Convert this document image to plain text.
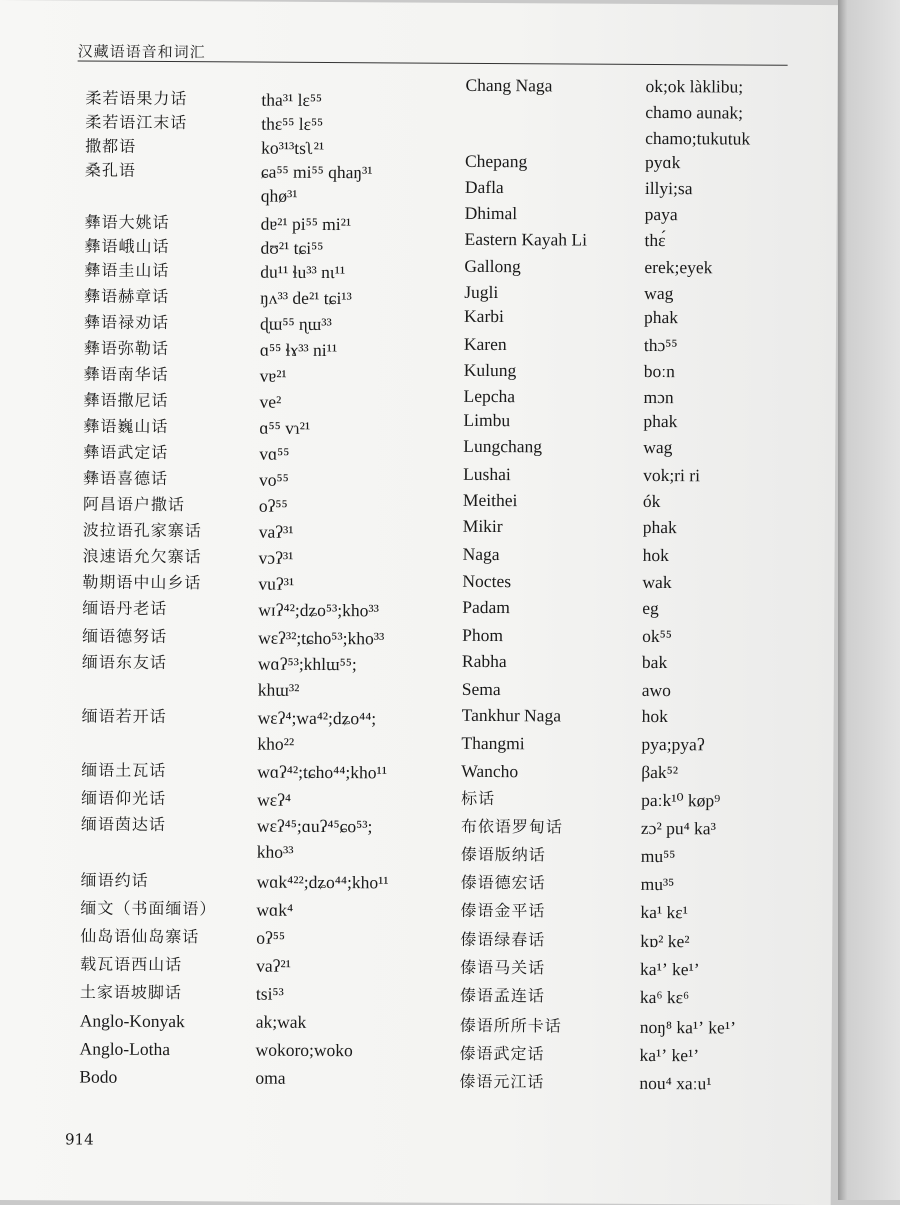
汉藏语语音和词汇
柔若语果力话	tha³¹ lɛ⁵⁵
柔若语江末话	thɛ⁵⁵ lɛ⁵⁵
撒都语	ko³¹³tsʅ²¹
桑孔语	ɕa⁵⁵ mi⁵⁵ qhaŋ³¹
qhø³¹
彝语大姚话	dɐ²¹ pi⁵⁵ mi²¹
彝语峨山话	dʊ²¹ tɕi⁵⁵
彝语圭山话	du¹¹ ɬu³³ nɩ¹¹
彝语赫章话	ŋʌ³³ de²¹ tɕi¹³
彝语禄劝话	ɖɯ⁵⁵ ɳɯ³³
彝语弥勒话	ɑ⁵⁵ ɬɤ³³ ni¹¹
彝语南华话	vɐ²¹
彝语撒尼话	ve²
彝语巍山话	ɑ⁵⁵ vɿ²¹
彝语武定话	vɑ⁵⁵
彝语喜德话	vo⁵⁵
阿昌语户撒话	oʔ⁵⁵
波拉语孔家寨话	vaʔ³¹
浪速语允欠寨话	vɔʔ³¹
勒期语中山乡话	vuʔ³¹
缅语丹老话	wɪʔ⁴²;dʑo⁵³;kho³³
缅语德努话	wɛʔ³²;tɕho⁵³;kho³³
缅语东友话	wɑʔ⁵³;khlɯ⁵⁵;
khɯ³²
缅语若开话	wɛʔ⁴;wa⁴²;dʑo⁴⁴;
kho²²
缅语土瓦话	wɑʔ⁴²;tɕho⁴⁴;kho¹¹
缅语仰光话	wɛʔ⁴
缅语茵达话	wɛʔ⁴⁵;ɑuʔ⁴⁵ɕo⁵³;
kho³³
缅语约话	wɑk⁴²²;dʑo⁴⁴;kho¹¹
缅文（书面缅语） wɑk⁴
仙岛语仙岛寨话	oʔ⁵⁵
载瓦语西山话	vaʔ²¹
土家语坡脚话	tsi⁵³
Anglo-Konyak	ak;wak
Anglo-Lotha	wokoro;woko
Bodo	oma
Chang Naga	ok;ok làklibu;
chamo aunak;
chamo;tukutuk
Chepang	pyɑk
Dafla	illyi;sa
Dhimal	paya
Eastern Kayah Li	thɛ́
Gallong	erek;eyek
Jugli	wag
Karbi	phak
Karen	thɔ⁵⁵
Kulung	boːn
Lepcha	mɔn
Limbu	phak
Lungchang	wag
Lushai	vok;ri ri
Meithei	ók
Mikir	phak
Naga	hok
Noctes	wak
Padam	eg
Phom	ok⁵⁵
Rabha	bak
Sema	awo
Tankhur Naga	hok
Thangmi	pya;pyaʔ
Wancho	βak⁵²
标话	paːk¹⁰ køp⁹
布依语罗甸话	zɔ² pu⁴ ka³
傣语版纳话	mu⁵⁵
傣语德宏话	mu³⁵
傣语金平话	ka¹ kɛ¹
傣语绿春话	kɒ² ke²
傣语马关话	ka¹ʼ ke¹ʼ
傣语孟连话	ka⁶ kɛ⁶
傣语所所卡话	noŋ⁸ ka¹ʼ ke¹ʼ
傣语武定话	ka¹ʼ ke¹ʼ
傣语元江话	nou⁴ xaːu¹
914
